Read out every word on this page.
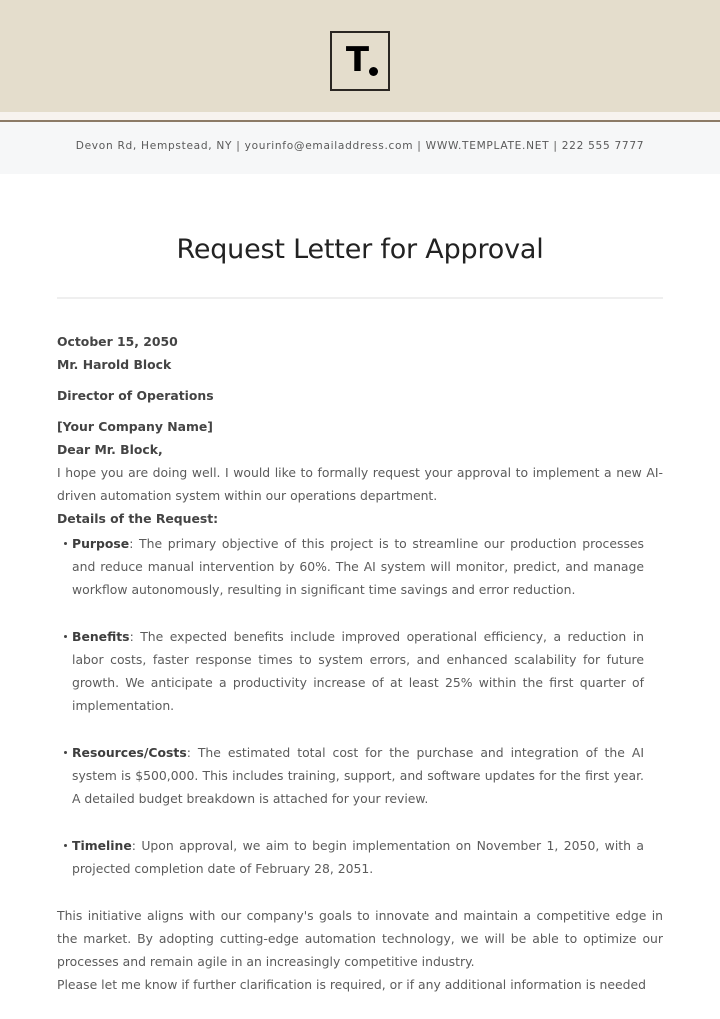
T
Devon Rd, Hempstead, NY | yourinfo@emailaddress.com | WWW.TEMPLATE.NET | 222 555 7777
Request Letter for Approval
October 15, 2050
Mr. Harold Block
Director of Operations
[Your Company Name]
Dear Mr. Block,

I hope you are doing well. I would like to formally request your approval to implement a new AI-driven automation system within our operations department.

Details of the Request:
Purpose: The primary objective of this project is to streamline our production processes and reduce manual intervention by 60%. The AI system will monitor, predict, and manage workflow autonomously, resulting in significant time savings and error reduction.
Benefits: The expected benefits include improved operational efficiency, a reduction in labor costs, faster response times to system errors, and enhanced scalability for future growth. We anticipate a productivity increase of at least 25% within the first quarter of implementation.
Resources/Costs: The estimated total cost for the purchase and integration of the AI system is $500,000. This includes training, support, and software updates for the first year. A detailed budget breakdown is attached for your review.
Timeline: Upon approval, we aim to begin implementation on November 1, 2050, with a projected completion date of February 28, 2051.

This initiative aligns with our company's goals to innovate and maintain a competitive edge in the market. By adopting cutting-edge automation technology, we will be able to optimize our processes and remain agile in an increasingly competitive industry.

Please let me know if further clarification is required, or if any additional information is needed
